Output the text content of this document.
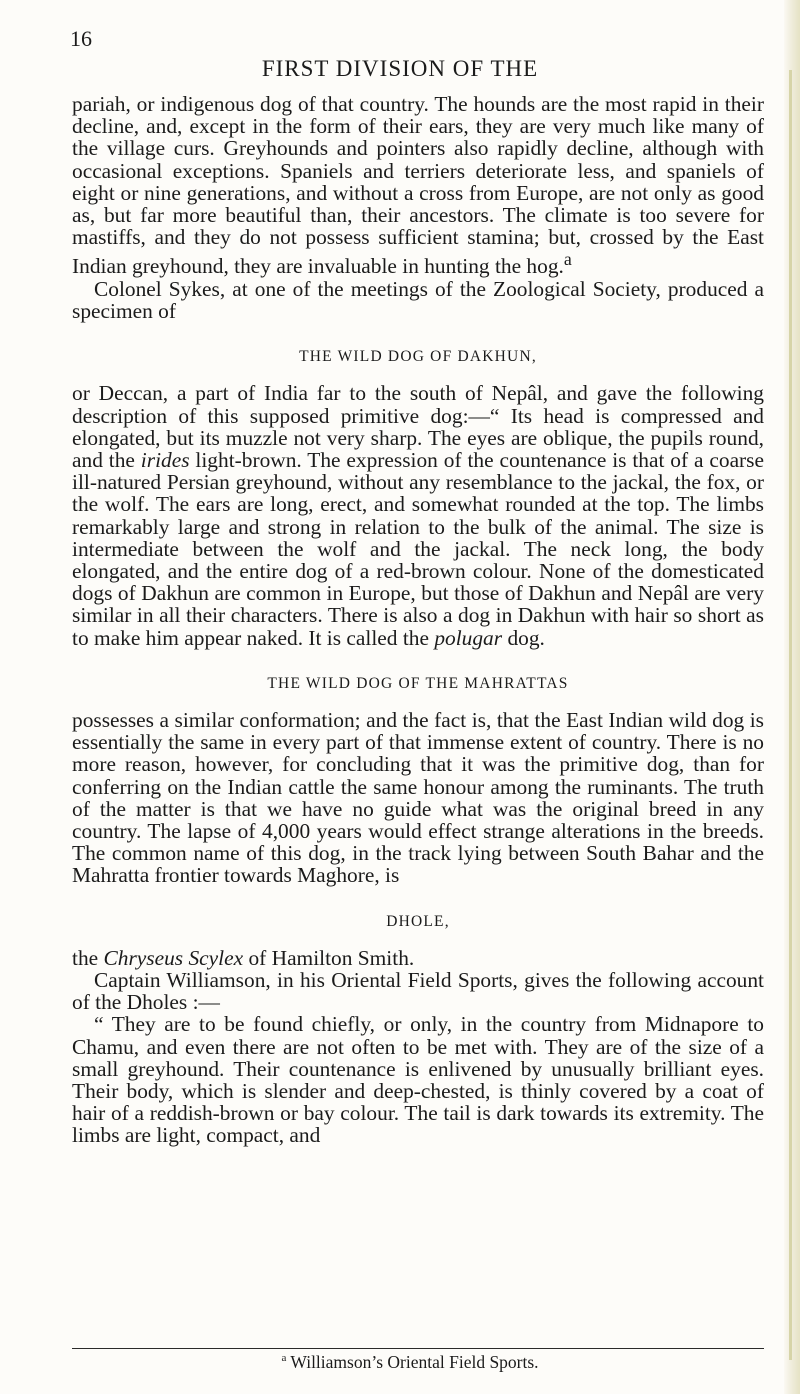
16
FIRST DIVISION OF THE

pariah, or indigenous dog of that country. The hounds are the most rapid in their decline, and, except in the form of their ears, they are very much like many of the village curs. Greyhounds and pointers also rapidly decline, although with occasional exceptions. Spaniels and terriers deteriorate less, and spaniels of eight or nine generations, and without a cross from Europe, are not only as good as, but far more beautiful than, their ancestors. The climate is too severe for mastiffs, and they do not possess sufficient stamina; but, crossed by the East Indian greyhound, they are invaluable in hunting the hog.$^a$

Colonel Sykes, at one of the meetings of the Zoological Society, produced a specimen of

THE WILD DOG OF DAKHUN,

or Deccan, a part of India far to the south of Nepâl, and gave the following description of this supposed primitive dog:—“ Its head is compressed and elongated, but its muzzle not very sharp. The eyes are oblique, the pupils round, and the irides light-brown. The expression of the countenance is that of a coarse ill-natured Persian greyhound, without any resemblance to the jackal, the fox, or the wolf. The ears are long, erect, and somewhat rounded at the top. The limbs remarkably large and strong in relation to the bulk of the animal. The size is intermediate between the wolf and the jackal. The neck long, the body elongated, and the entire dog of a red-brown colour. None of the domesticated dogs of Dakhun are common in Europe, but those of Dakhun and Nepâl are very similar in all their characters. There is also a dog in Dakhun with hair so short as to make him appear naked. It is called the polugar dog.

THE WILD DOG OF THE MAHRATTAS

possesses a similar conformation; and the fact is, that the East Indian wild dog is essentially the same in every part of that immense extent of country. There is no more reason, however, for concluding that it was the primitive dog, than for conferring on the Indian cattle the same honour among the ruminants. The truth of the matter is that we have no guide what was the original breed in any country. The lapse of 4,000 years would effect strange alterations in the breeds. The common name of this dog, in the track lying between South Bahar and the Mahratta frontier towards Maghore, is

DHOLE,

the Chryseus Scylex of Hamilton Smith.

Captain Williamson, in his Oriental Field Sports, gives the following account of the Dholes :—

“ They are to be found chiefly, or only, in the country from Midnapore to Chamu, and even there are not often to be met with. They are of the size of a small greyhound. Their countenance is enlivened by unusually brilliant eyes. Their body, which is slender and deep-chested, is thinly covered by a coat of hair of a reddish-brown or bay colour. The tail is dark towards its extremity. The limbs are light, compact, and

$^a$ Williamson’s Oriental Field Sports.
